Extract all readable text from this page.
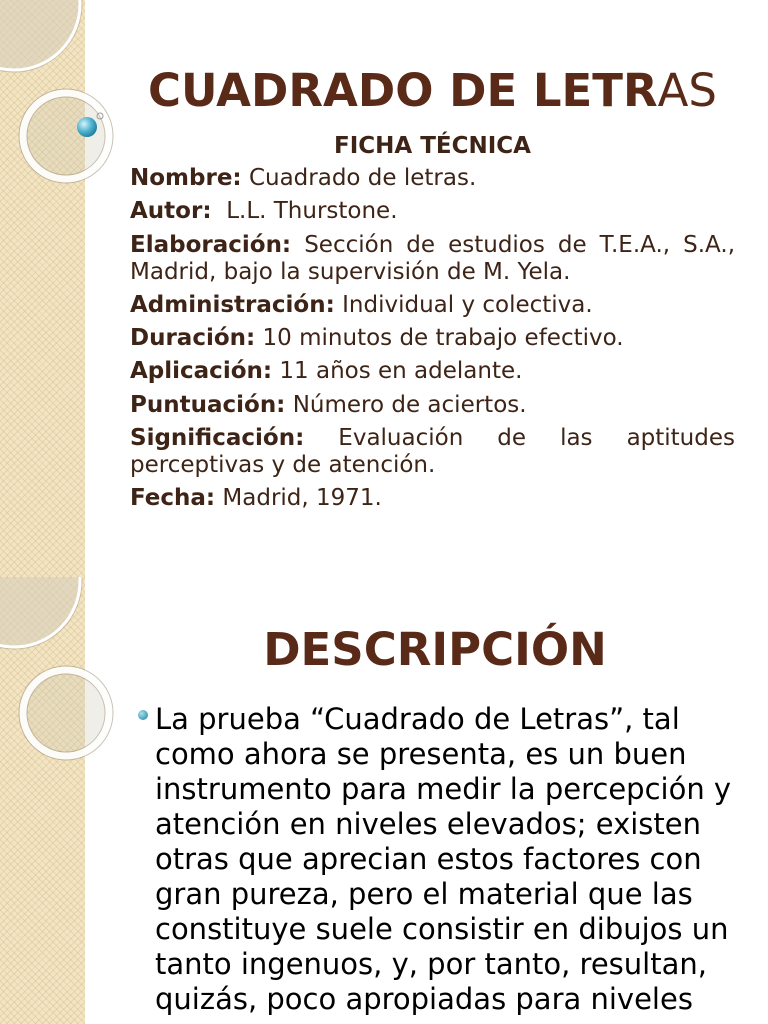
CUADRADO DE LETRAS
FICHA TÉCNICA

Nombre: Cuadrado de letras.

Autor: L.L. Thurstone.

Elaboración: Sección de estudios de T.E.A., S.A., Madrid, bajo la supervisión de M. Yela.

Administración: Individual y colectiva.

Duración: 10 minutos de trabajo efectivo.

Aplicación: 11 años en adelante.

Puntuación: Número de aciertos.

Significación: Evaluación de las aptitudes perceptivas y de atención.

Fecha: Madrid, 1971.

DESCRIPCIÓN
La prueba “Cuadrado de Letras”, tal
como ahora se presenta, es un buen
instrumento para medir la percepción y
atención en niveles elevados; existen
otras que aprecian estos factores con
gran pureza, pero el material que las
constituye suele consistir en dibujos un
tanto ingenuos, y, por tanto, resultan,
quizás, poco apropiadas para niveles
